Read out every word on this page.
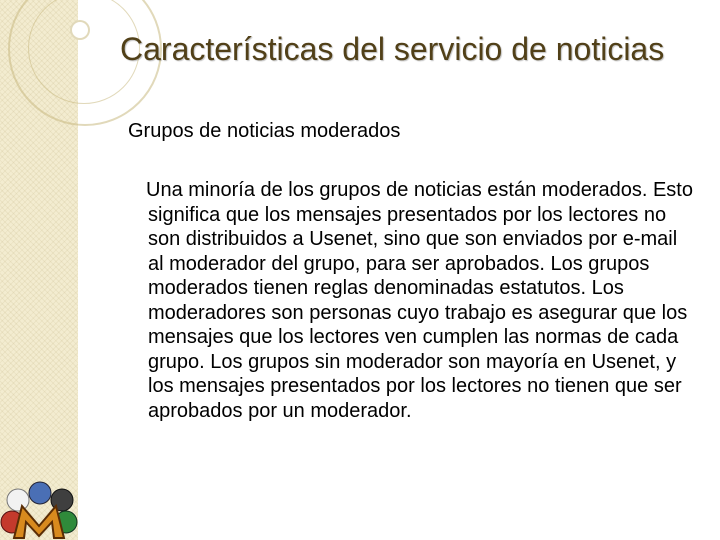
Características del servicio de noticias
Grupos de noticias moderados

Una minoría de los grupos de noticias están moderados. Esto significa que los mensajes presentados por los lectores no son distribuidos a Usenet, sino que son enviados por e-mail al moderador del grupo, para ser aprobados. Los grupos moderados tienen reglas denominadas estatutos. Los moderadores son personas cuyo trabajo es asegurar que los mensajes que los lectores ven cumplen las normas de cada grupo. Los grupos sin moderador son mayoría en Usenet, y los mensajes presentados por los lectores no tienen que ser aprobados por un moderador.
